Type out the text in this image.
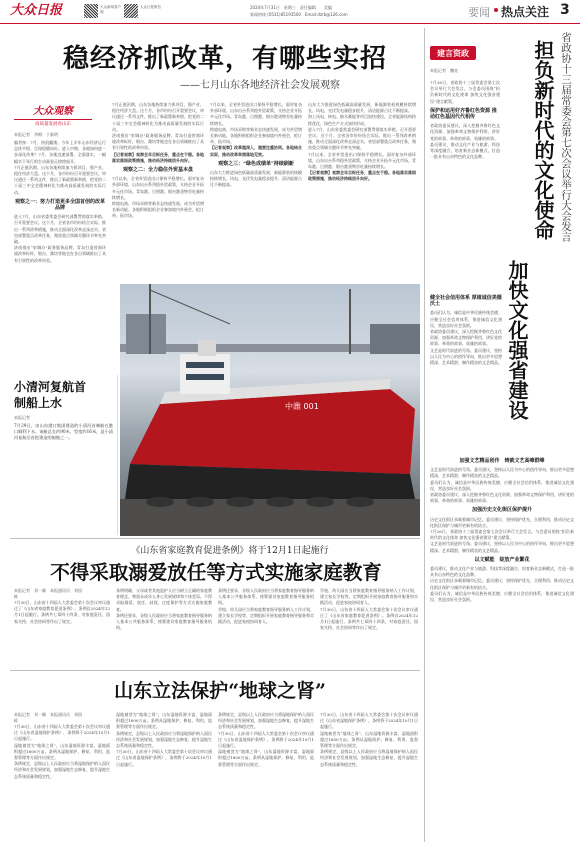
大众日报	大众新闻客户端
大众日报微信	2024年7月31日　星期三　责任编辑　　美编
新闻热线 (0531)85193500　Email:dzrb@126.com	要闻 热点关注 3
稳经济抓改革，有哪些实招
——七月山东各地经济社会发展观察
大众观察
高质量发展看山东
本报记者　李梅　于新明

编者按：7月，热浪翻滚。今年上半年山东经济运行总体平稳、呈现稳健向好。进入中期，各地如何进一步深化改革？7月，各地迅速部署、全面落实，一幅幅实干笃行的生动画卷正徐徐展开。

7月正值汛期，山东各地持续加力抓项目、强产业，稳住经济大盘。这个月，各市纷纷召开重要会议，审议通过一系列文件，推出了新政策新举措，把党的二十届三中全会精神转化为推动高质量发展的实际行动。

观察之一：努力打造更多全国首创的改革品牌

进入7月，山东省委常委会研究部署贯彻落实举措，召开重要会议。这个月，全省各市纷纷结合实际，推出一系列改革措施，推动全面深化改革走深走实。省里部署重点改革任务，聚焦重点领域关键环节率先突破。

济南推出“泉城办”政务服务品牌，青岛打造营商环境改革标杆，烟台、潍坊等地也在各自领域推出了具有引领性的改革经验。

7月正值汛期，山东各地持续加力抓项目、强产业，稳住经济大盘。这个月，各市纷纷召开重要会议，审议通过一系列文件，推出了新政策新举措，把党的二十届三中全会精神转化为推动高质量发展的实际行动。

济南推出“泉城办”政务服务品牌，青岛打造营商环境改革标杆，烟台、潍坊等地也在各自领域推出了具有引领性的改革经验。

【记者观察】观察全年目标任务，重点在于稳。各地落实落细政策措施，推动经济持续回升向好。

观察之二：全力稳住外贸基本盘

7月以来，全省外贸进出口保持平稳增长。面对复杂外部环境，山东出台系列稳外贸政策，支持企业开拓多元化市场。青岛港、日照港、烟台港货物吞吐量持续增长。

跨境电商、市场采购等新业态快速发展，成为外贸增长新动能。各地积极组织企业参加境内外展会，抢订单、拓市场。

7月以来，全省外贸进出口保持平稳增长。面对复杂外部环境，山东出台系列稳外贸政策，支持企业开拓多元化市场。青岛港、日照港、烟台港货物吞吐量持续增长。

跨境电商、市场采购等新业态快速发展，成为外贸增长新动能。各地积极组织企业参加境内外展会，抢订单、拓市场。

【记者观察】改革越深入，越要注重协同。各地结合实际，推动改革举措落地见效。

观察之三：“绿色成绩单”持续刷新

山东大力推进绿色低碳高质量发展，新能源装机规模持续增长，风电、光伏发电量稳步提升，清洁能源占比不断提高。

山东大力推进绿色低碳高质量发展，新能源装机规模持续增长，风电、光伏发电量稳步提升，清洁能源占比不断提高。

海上风电、核电、抽水蓄能等项目加快建设，全省能源结构持续优化，绿色生产方式加快形成。

进入7月，山东省委常委会研究部署贯彻落实举措，召开重要会议。这个月，全省各市纷纷结合实际，推出一系列改革措施，推动全面深化改革走深走实。省里部署重点改革任务，聚焦重点领域关键环节率先突破。

7月以来，全省外贸进出口保持平稳增长。面对复杂外部环境，山东出台系列稳外贸政策，支持企业开拓多元化市场。青岛港、日照港、烟台港货物吞吐量持续增长。

【记者观察】观察全年目标任务，重点在于稳。各地落实落细政策措施，推动经济持续回升向好。

小清河复航首制船上水
本报记者
7月29日，由山东港口集团建造的小清河首制船在港口顺利下水。该船总长约90米，型宽约16米，是小清河复航后首批建造的船舶之一。
中潍 001
《山东省家庭教育促进条例》将于12月1日起施行
不得采取溺爱放任等方式实施家庭教育
本报记者　刘一颖　本报通讯员　刘国栋

7月30日，山东省十四届人大常委会第十次会议审议通过了《山东省家庭教育促进条例》。条例自2024年12月1日起施行。条例共七章四十四条，对家庭责任、国家支持、社会协同等作出了规定。

条例明确，父母或者其他监护人应当树立正确的家庭教育理念，尊重未成年人身心发展规律和个体差异，不得采取溺爱、放任、歧视、过度保护等方式实施家庭教育。

条例还要求，各级人民政府应当将家庭教育指导服务纳入基本公共服务体系，统筹建设家庭教育指导服务机构。

条例还要求，各级人民政府应当将家庭教育指导服务纳入基本公共服务体系，统筹建设家庭教育指导服务机构。

学校、幼儿园应当将家庭教育指导服务纳入工作计划，建立家长学校等，定期组织开展家庭教育指导服务和实践活动，促进家校协同育人。

学校、幼儿园应当将家庭教育指导服务纳入工作计划，建立家长学校等，定期组织开展家庭教育指导服务和实践活动，促进家校协同育人。

7月30日，山东省十四届人大常委会第十次会议审议通过了《山东省家庭教育促进条例》。条例自2024年12月1日起施行。条例共七章四十四条，对家庭责任、国家支持、社会协同等作出了规定。

山东立法保护“地球之肾”
本报记者　刘一颖　本报通讯员　刘国栋

7月30日，山东省十四届人大常委会第十次会议审议通过《山东省湿地保护条例》，条例将于2024年10月1日起施行。

湿地被誉为“地球之肾”，山东湿地资源丰富，湿地面积超过1800万亩。条例从湿地保护、修复、利用、监督管理等方面作出规定。

条例规定，县级以上人民政府应当将湿地保护纳入国民经济和社会发展规划，加强湿地生态修复，提升湿地生态系统质量和稳定性。

湿地被誉为“地球之肾”，山东湿地资源丰富，湿地面积超过1800万亩。条例从湿地保护、修复、利用、监督管理等方面作出规定。

条例规定，县级以上人民政府应当将湿地保护纳入国民经济和社会发展规划，加强湿地生态修复，提升湿地生态系统质量和稳定性。

7月30日，山东省十四届人大常委会第十次会议审议通过《山东省湿地保护条例》，条例将于2024年10月1日起施行。

条例规定，县级以上人民政府应当将湿地保护纳入国民经济和社会发展规划，加强湿地生态修复，提升湿地生态系统质量和稳定性。

7月30日，山东省十四届人大常委会第十次会议审议通过《山东省湿地保护条例》，条例将于2024年10月1日起施行。

湿地被誉为“地球之肾”，山东湿地资源丰富，湿地面积超过1800万亩。条例从湿地保护、修复、利用、监督管理等方面作出规定。

7月30日，山东省十四届人大常委会第十次会议审议通过《山东省湿地保护条例》，条例将于2024年10月1日起施行。

湿地被誉为“地球之肾”，山东湿地资源丰富，湿地面积超过1800万亩。条例从湿地保护、修复、利用、监督管理等方面作出规定。

条例规定，县级以上人民政府应当将湿地保护纳入国民经济和社会发展规划，加强湿地生态修复，提升湿地生态系统质量和稳定性。

建言资政
本报记者　魏亮	省政协十三届常委会第七次会议举行大会发言
担负新时代的文化使命
加快文化强省建设

7月26日，省政协十三届常委会第七次会议举行大会发言。与会委员围绕“担负新时代的文化使命 加快文化强省建设”建言献策。

保护和运用好齐鲁红色资源 推动红色基因代代相传

省政协委员建议，深入挖掘齐鲁红色文化资源，加强革命文物保护利用，讲好党的故事、革命的故事、英雄的故事。

委员建议，推动文化产业与旅游、科技等深度融合，培育新业态新模式，打造一批具有山东特色的文化品牌。

健全社会信用体系 厚植诚信美德沃土

委员们认为，诚信是中华民族传统美德，应健全社会信用体系，推进诚信文化建设，营造良好社会氛围。

省政协委员建议，深入挖掘齐鲁红色文化资源，加强革命文物保护利用，讲好党的故事、革命的故事、英雄的故事。

文艺是时代前进的号角。委员建议，坚持以人民为中心的创作导向，推出更多思想精深、艺术精湛、制作精良的文艺精品。

加强文艺精品创作　铸就文艺高峰群峰

文艺是时代前进的号角。委员建议，坚持以人民为中心的创作导向，推出更多思想精深、艺术精湛、制作精良的文艺精品。

委员们认为，诚信是中华民族传统美德，应健全社会信用体系，推进诚信文化建设，营造良好社会氛围。

省政协委员建议，深入挖掘齐鲁红色文化资源，加强革命文物保护利用，讲好党的故事、革命的故事、英雄的故事。

加强历史文化街区保护提升

历史文化街区承载着城市记忆。委员建议，坚持保护优先、合理利用，推动历史文化街区保护与城市更新有机结合。

7月26日，省政协十三届常委会第七次会议举行大会发言。与会委员围绕“担负新时代的文化使命 加快文化强省建设”建言献策。

文艺是时代前进的号角。委员建议，坚持以人民为中心的创作导向，推出更多思想精深、艺术精湛、制作精良的文艺精品。

以文赋能　绽放产业繁花

委员建议，推动文化产业与旅游、科技等深度融合，培育新业态新模式，打造一批具有山东特色的文化品牌。

历史文化街区承载着城市记忆。委员建议，坚持保护优先、合理利用，推动历史文化街区保护与城市更新有机结合。

委员们认为，诚信是中华民族传统美德，应健全社会信用体系，推进诚信文化建设，营造良好社会氛围。
